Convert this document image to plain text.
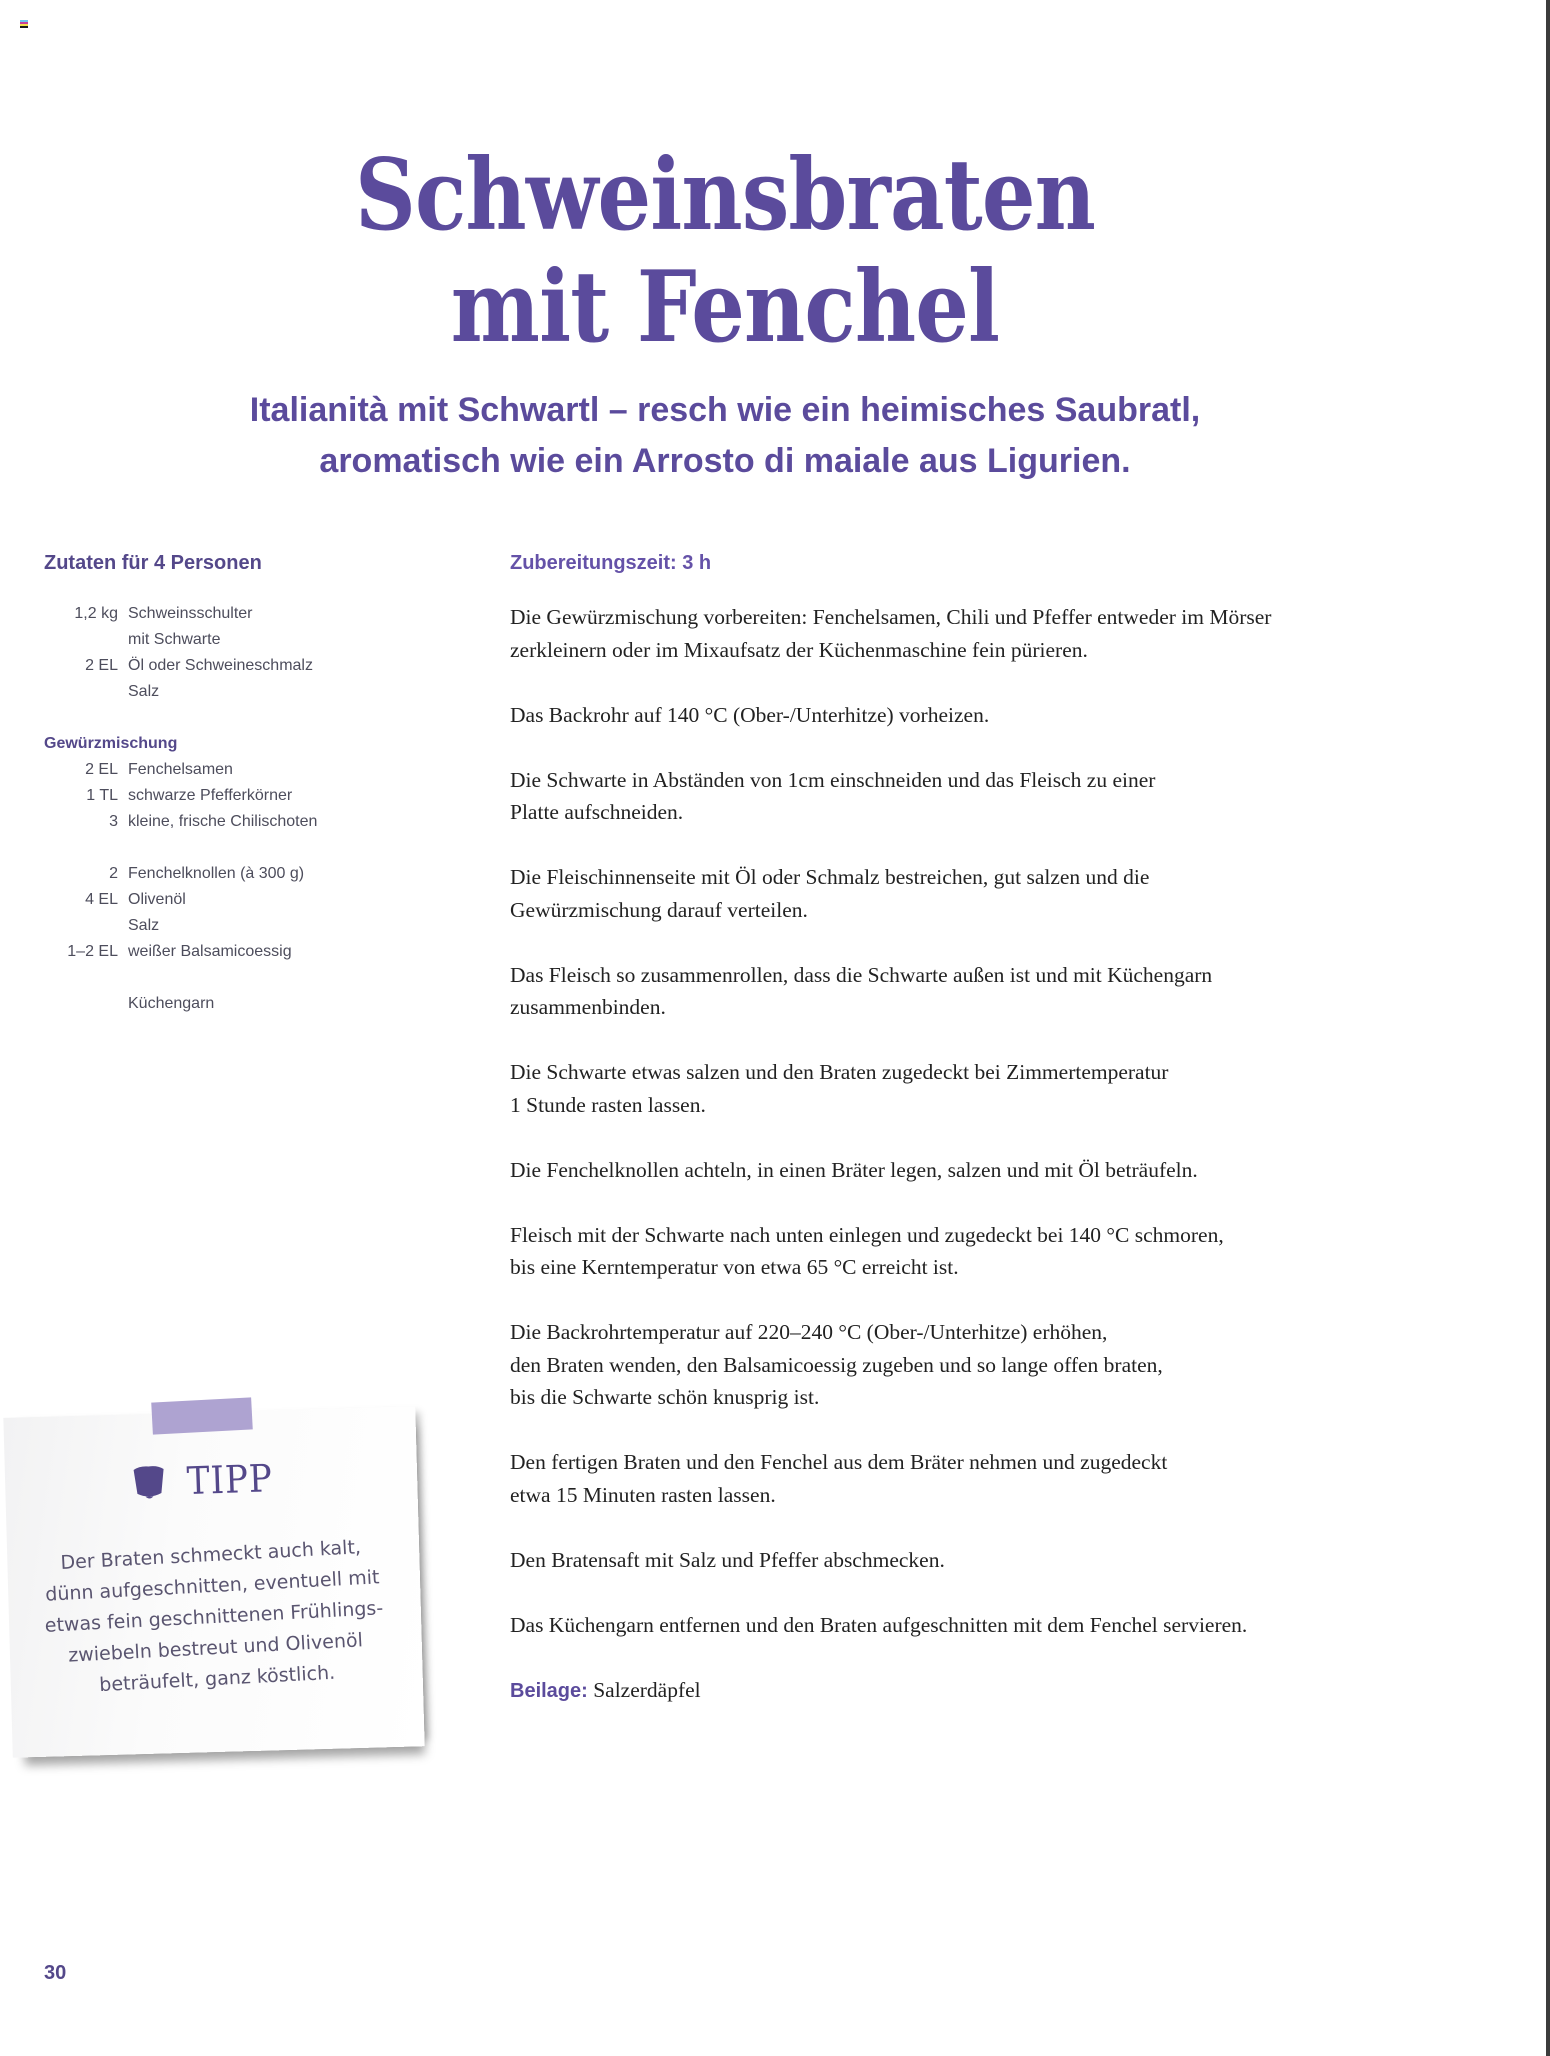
Schweinsbraten
mit Fenchel
Italianità mit Schwartl – resch wie ein heimisches Saubratl,
aromatisch wie ein Arrosto di maiale aus Ligurien.
Zutaten für 4 Personen
1,2 kg Schweinsschulter
mit Schwarte
2 EL Öl oder Schweineschmalz
Salz
Gewürzmischung
2 EL Fenchelsamen
1 TL schwarze Pfefferkörner
3 kleine, frische Chilischoten
2 Fenchelknollen (à 300 g)
4 EL Olivenöl
Salz
1–2 EL weißer Balsamicoessig
Küchengarn
Zubereitungszeit: 3 h
Die Gewürzmischung vorbereiten: Fenchelsamen, Chili und Pfeffer entweder im Mörser
zerkleinern oder im Mixaufsatz der Küchenmaschine fein pürieren.
Das Backrohr auf 140 °C (Ober-/Unterhitze) vorheizen.
Die Schwarte in Abständen von 1cm einschneiden und das Fleisch zu einer
Platte aufschneiden.
Die Fleischinnenseite mit Öl oder Schmalz bestreichen, gut salzen und die
Gewürzmischung darauf verteilen.
Das Fleisch so zusammenrollen, dass die Schwarte außen ist und mit Küchengarn
zusammenbinden.
Die Schwarte etwas salzen und den Braten zugedeckt bei Zimmertemperatur
1 Stunde rasten lassen.
Die Fenchelknollen achteln, in einen Bräter legen, salzen und mit Öl beträufeln.
Fleisch mit der Schwarte nach unten einlegen und zugedeckt bei 140 °C schmoren,
bis eine Kerntemperatur von etwa 65 °C erreicht ist.
Die Backrohrtemperatur auf 220–240 °C (Ober-/Unterhitze) erhöhen,
den Braten wenden, den Balsamicoessig zugeben und so lange offen braten,
bis die Schwarte schön knusprig ist.
Den fertigen Braten und den Fenchel aus dem Bräter nehmen und zugedeckt
etwa 15 Minuten rasten lassen.
Den Bratensaft mit Salz und Pfeffer abschmecken.
Das Küchengarn entfernen und den Braten aufgeschnitten mit dem Fenchel servieren.
Beilage: Salzerdäpfel
TIPP
Der Braten schmeckt auch kalt,
dünn aufgeschnitten, eventuell mit
etwas fein geschnittenen Frühlings-
zwiebeln bestreut und Olivenöl
beträufelt, ganz köstlich.
30
